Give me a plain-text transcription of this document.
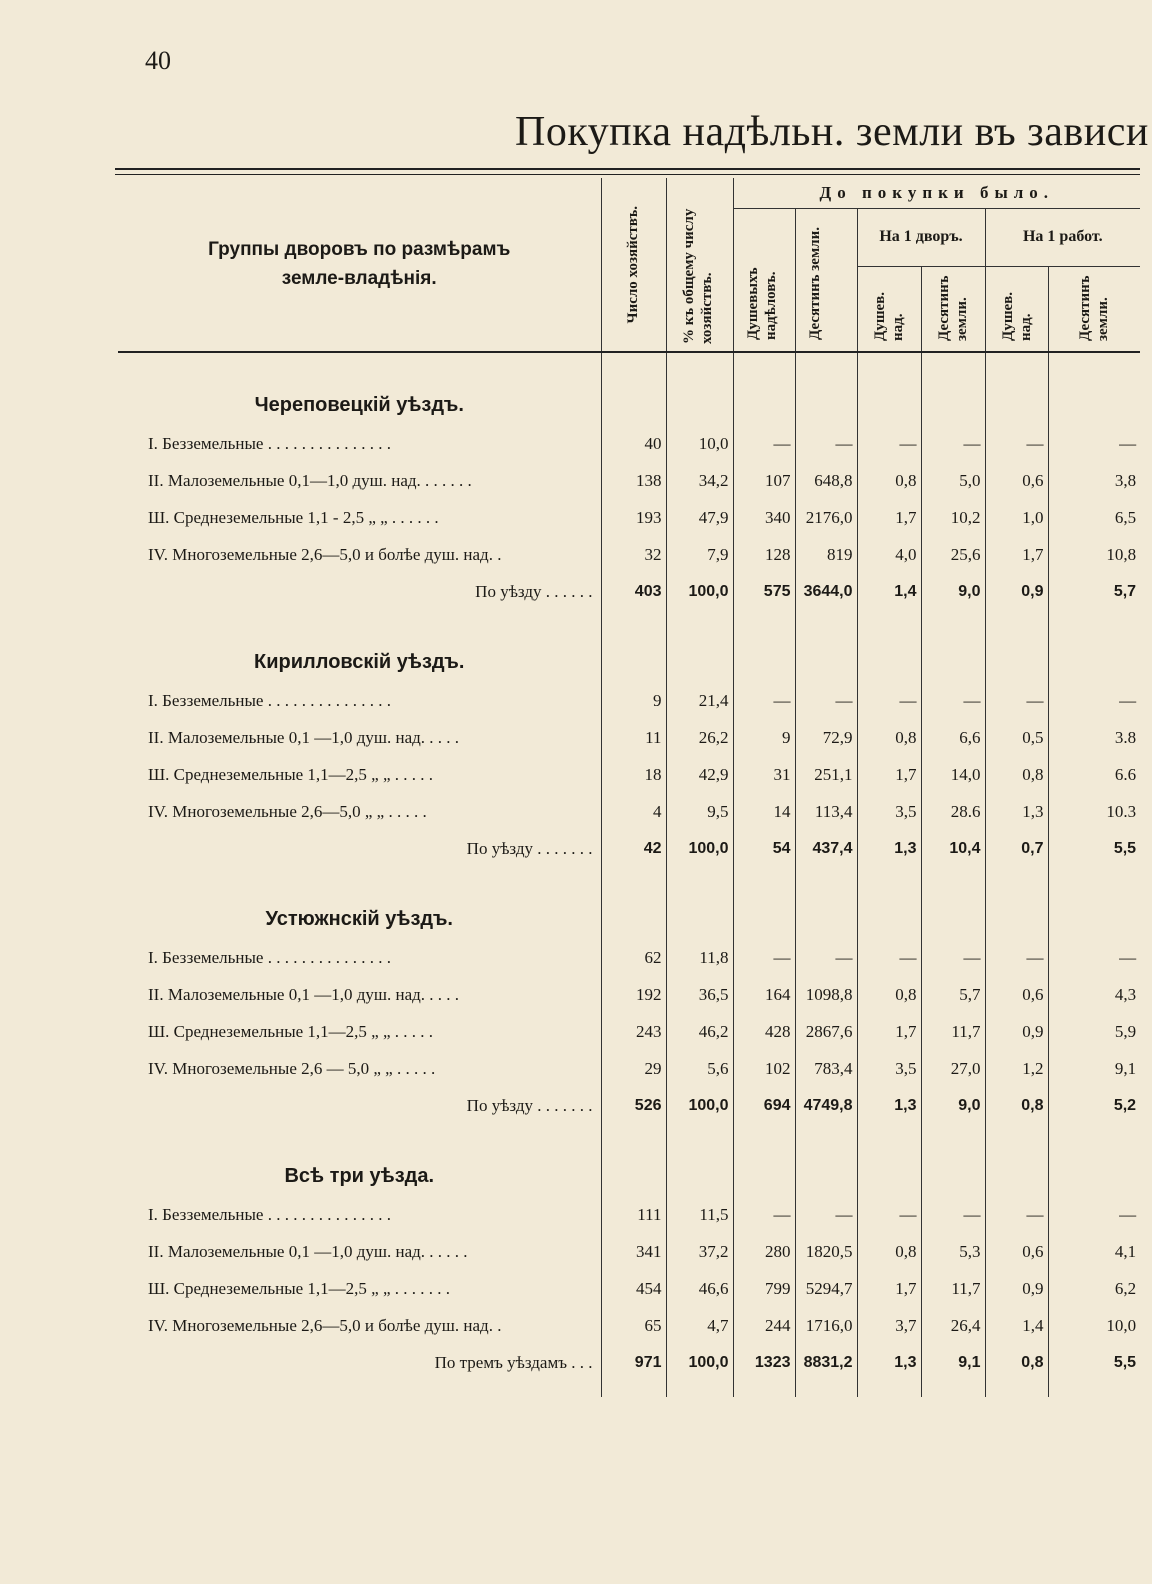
40
Покупка надѣльн. земли въ зависи
Группы дворовъ по размѣрамъ земле-владѣнія.	Число хозяйствъ.	% къ общему числу хозяйствъ.	До покупки было.					

			Душевыхъ надѣловъ.	Десятинъ земли.	На 1 дворъ.		На 1 работ.	

					Душев. над.	Десятинъ земли.	Душев. над.	Десятинъ земли.

Череповецкій уѣздъ.								
I. Безземельные . . . . . . . . . . . . . . .	40	10,0	—	—	—	—	—	—
II. Малоземельные 0,1—1,0 душ. над. . . . . . .	138	34,2	107	648,8	0,8	5,0	0,6	3,8
Ш. Среднеземельные 1,1 - 2,5 „ „ . . . . . .	193	47,9	340	2176,0	1,7	10,2	1,0	6,5
IV. Многоземельные 2,6—5,0 и болѣе душ. над. .	32	7,9	128	819	4,0	25,6	1,7	10,8
По уѣзду . . . . . .	403	100,0	575	3644,0	1,4	9,0	0,9	5,7
Кирилловскій уѣздъ.								
I. Безземельные . . . . . . . . . . . . . . .	9	21,4	—	—	—	—	—	—
II. Малоземельные 0,1 —1,0 душ. над. . . . .	11	26,2	9	72,9	0,8	6,6	0,5	3.8
Ш. Среднеземельные 1,1—2,5 „ „ . . . . .	18	42,9	31	251,1	1,7	14,0	0,8	6.6
IV. Многоземельные 2,6—5,0 „ „ . . . . .	4	9,5	14	113,4	3,5	28.6	1,3	10.3
По уѣзду . . . . . . .	42	100,0	54	437,4	1,3	10,4	0,7	5,5
Устюжнскій уѣздъ.								
I. Безземельные . . . . . . . . . . . . . . .	62	11,8	—	—	—	—	—	—
II. Малоземельные 0,1 —1,0 душ. над. . . . .	192	36,5	164	1098,8	0,8	5,7	0,6	4,3
Ш. Среднеземельные 1,1—2,5 „ „ . . . . .	243	46,2	428	2867,6	1,7	11,7	0,9	5,9
IV. Многоземельные 2,6 — 5,0 „ „ . . . . .	29	5,6	102	783,4	3,5	27,0	1,2	9,1
По уѣзду . . . . . . .	526	100,0	694	4749,8	1,3	9,0	0,8	5,2
Всѣ три уѣзда.								
I. Безземельные . . . . . . . . . . . . . . .	111	11,5	—	—	—	—	—	—
II. Малоземельные 0,1 —1,0 душ. над. . . . . .	341	37,2	280	1820,5	0,8	5,3	0,6	4,1
Ш. Среднеземельные 1,1—2,5 „ „ . . . . . . .	454	46,6	799	5294,7	1,7	11,7	0,9	6,2
IV. Многоземельные 2,6—5,0 и болѣе душ. над. .	65	4,7	244	1716,0	3,7	26,4	1,4	10,0
По тремъ уѣздамъ . . .	971	100,0	1323	8831,2	1,3	9,1	0,8	5,5
